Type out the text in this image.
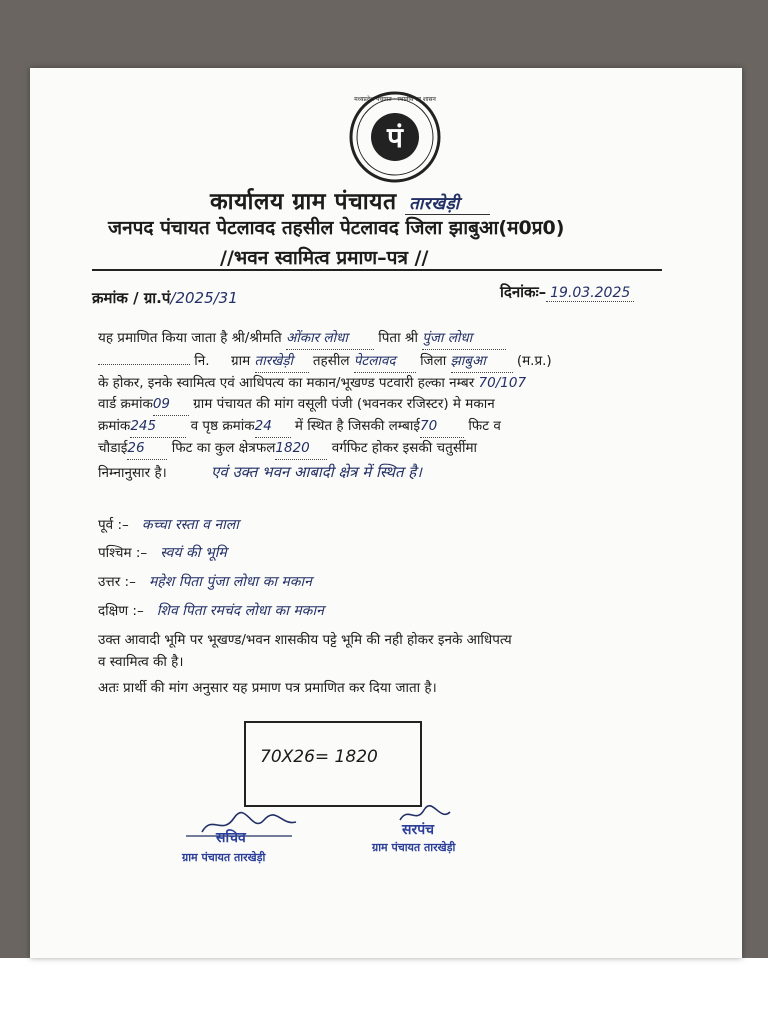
पं
मध्यप्रदेश पंचायत · स्थानीय स्व शासन
कार्यालय ग्राम पंचायत तारखेड़ी
जनपद पंचायत पेटलावद तहसील पेटलावद जिला झाबुआ(म0प्र0)
//भवन स्वामित्व प्रमाण–पत्र //
क्रमांक / ग्रा.पं/2025/31	दिनांकः– 19.03.2025
यह प्रमाणित किया जाता है श्री/श्रीमति ओंकार लोधा पिता श्री पुंजा लोधा
नि. ग्राम तारखेड़ी तहसील पेटलावद जिला झाबुआ (म.प्र.)
के होकर, इनके स्वामित्व एवं आधिपत्य का मकान/भूखण्ड पटवारी हल्का नम्बर 70/107
वार्ड क्रमांक09 ग्राम पंचायत की मांग वसूली पंजी (भवनकर रजिस्टर) मे मकान
क्रमांक245	व पृष्ठ क्रमांक24 में स्थित है जिसकी लम्बाई70 फिट व
चौडाई26 फिट का कुल क्षेत्रफल1820 वर्गफिट होकर इसकी चतुर्सीमा
निम्नानुसार है।	एवं उक्त भवन आबादी क्षेत्र में स्थित है।
पूर्व :– कच्चा रस्ता व नाला
पश्चिम :– स्वयं की भूमि
उत्तर :– महेश पिता पुंजा लोधा का मकान
दक्षिण :– शिव पिता रमचंद लोधा का मकान
उक्त आवादी भूमि पर भूखण्ड/भवन शासकीय पट्टे भूमि की नही होकर इनके आधिपत्य
व स्वामित्व की है।
अतः प्रार्थी की मांग अनुसार यह प्रमाण पत्र प्रमाणित कर दिया जाता है।
70X26= 1820
सचिव
ग्राम पंचायत तारखेड़ी
सरपंच
ग्राम पंचायत तारखेड़ी
